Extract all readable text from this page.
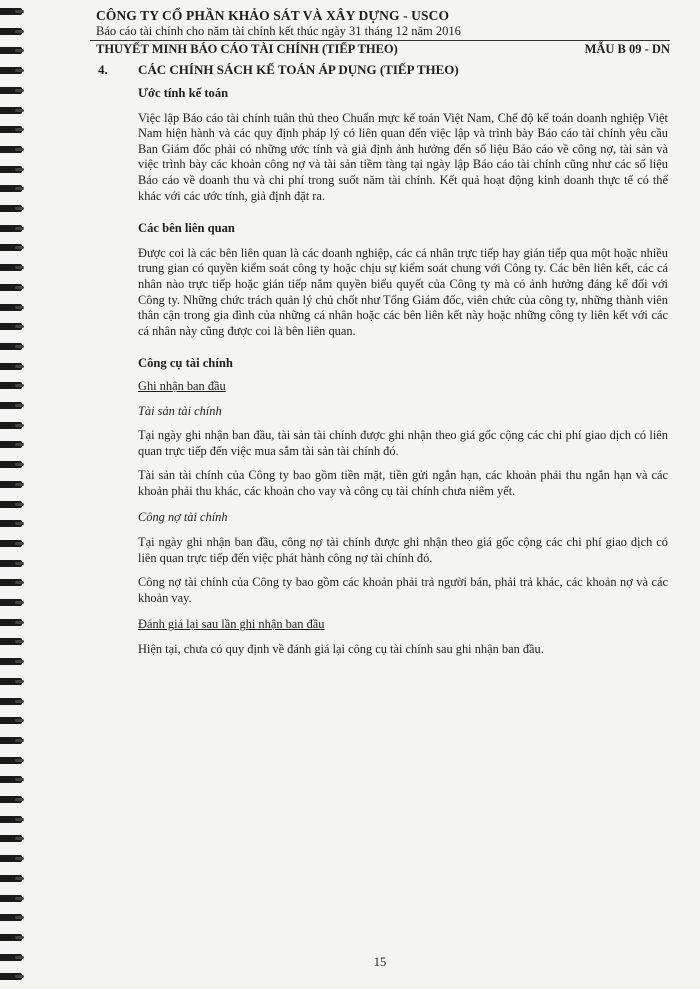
CÔNG TY CỔ PHẦN KHẢO SÁT VÀ XÂY DỰNG - USCO
Báo cáo tài chính cho năm tài chính kết thúc ngày 31 tháng 12 năm 2016
THUYẾT MINH BÁO CÁO TÀI CHÍNH (TIẾP THEO)	MẪU B 09 - DN
4. CÁC CHÍNH SÁCH KẾ TOÁN ÁP DỤNG (TIẾP THEO)
Ước tính kế toán

Việc lập Báo cáo tài chính tuân thủ theo Chuẩn mực kế toán Việt Nam, Chế độ kế toán doanh nghiệp Việt Nam hiện hành và các quy định pháp lý có liên quan đến việc lập và trình bày Báo cáo tài chính yêu cầu Ban Giám đốc phải có những ước tính và giả định ảnh hưởng đến số liệu Báo cáo về công nợ, tài sản và việc trình bày các khoản công nợ và tài sản tiềm tàng tại ngày lập Báo cáo tài chính cũng như các số liệu Báo cáo về doanh thu và chi phí trong suốt năm tài chính. Kết quả hoạt động kinh doanh thực tế có thể khác với các ước tính, giả định đặt ra.

Các bên liên quan

Được coi là các bên liên quan là các doanh nghiệp, các cá nhân trực tiếp hay gián tiếp qua một hoặc nhiều trung gian có quyền kiểm soát công ty hoặc chịu sự kiểm soát chung với Công ty. Các bên liên kết, các cá nhân nào trực tiếp hoặc gián tiếp nắm quyền biểu quyết của Công ty mà có ảnh hưởng đáng kể đối với Công ty. Những chức trách quản lý chủ chốt như Tổng Giám đốc, viên chức của công ty, những thành viên thân cận trong gia đình của những cá nhân hoặc các bên liên kết này hoặc những công ty liên kết với các cá nhân này cũng được coi là bên liên quan.

Công cụ tài chính

Ghi nhận ban đầu

Tài sản tài chính

Tại ngày ghi nhận ban đầu, tài sản tài chính được ghi nhận theo giá gốc cộng các chi phí giao dịch có liên quan trực tiếp đến việc mua sắm tài sản tài chính đó.

Tài sản tài chính của Công ty bao gồm tiền mặt, tiền gửi ngắn hạn, các khoản phải thu ngắn hạn và các khoản phải thu khác, các khoản cho vay và công cụ tài chính chưa niêm yết.

Công nợ tài chính

Tại ngày ghi nhận ban đầu, công nợ tài chính được ghi nhận theo giá gốc cộng các chi phí giao dịch có liên quan trực tiếp đến việc phát hành công nợ tài chính đó.

Công nợ tài chính của Công ty bao gồm các khoản phải trả người bán, phải trả khác, các khoản nợ và các khoản vay.

Đánh giá lại sau lần ghi nhận ban đầu

Hiện tại, chưa có quy định về đánh giá lại công cụ tài chính sau ghi nhận ban đầu.

15
